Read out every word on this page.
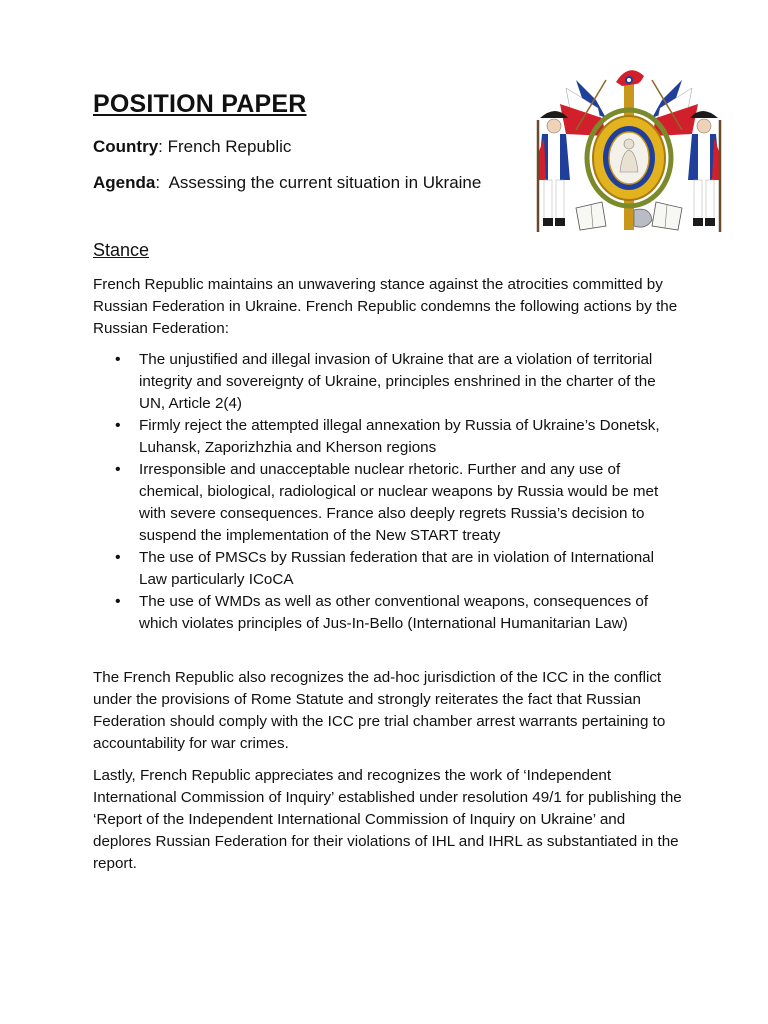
POSITION PAPER

Country: French Republic

Agenda:  Assessing the current situation in Ukraine

Stance

French Republic maintains an unwavering stance against the atrocities committed by Russian Federation in Ukraine. French Republic condemns the following actions by the Russian Federation:

• The unjustified and illegal invasion of Ukraine that are a violation of territorial integrity and sovereignty of Ukraine, principles enshrined in the charter of the UN, Article 2(4)
• Firmly reject the attempted illegal annexation by Russia of Ukraine’s Donetsk, Luhansk, Zaporizhzhia and Kherson regions
• Irresponsible and unacceptable nuclear rhetoric. Further and any use of chemical, biological, radiological or nuclear weapons by Russia would be met with severe consequences. France also deeply regrets Russia’s decision to suspend the implementation of the New START treaty
• The use of PMSCs by Russian federation that are in violation of International Law particularly ICoCA
• The use of WMDs as well as other conventional weapons, consequences of which violates principles of Jus-In-Bello (International Humanitarian Law)

The French Republic also recognizes the ad-hoc jurisdiction of the ICC in the conflict under the provisions of Rome Statute and strongly reiterates the fact that Russian Federation should comply with the ICC pre trial chamber arrest warrants pertaining to accountability for war crimes.

Lastly, French Republic appreciates and recognizes the work of ‘Independent International Commission of Inquiry’ established under resolution 49/1 for publishing the ‘Report of the Independent International Commission of Inquiry on Ukraine’ and deplores Russian Federation for their violations of IHL and IHRL as substantiated in the report.
